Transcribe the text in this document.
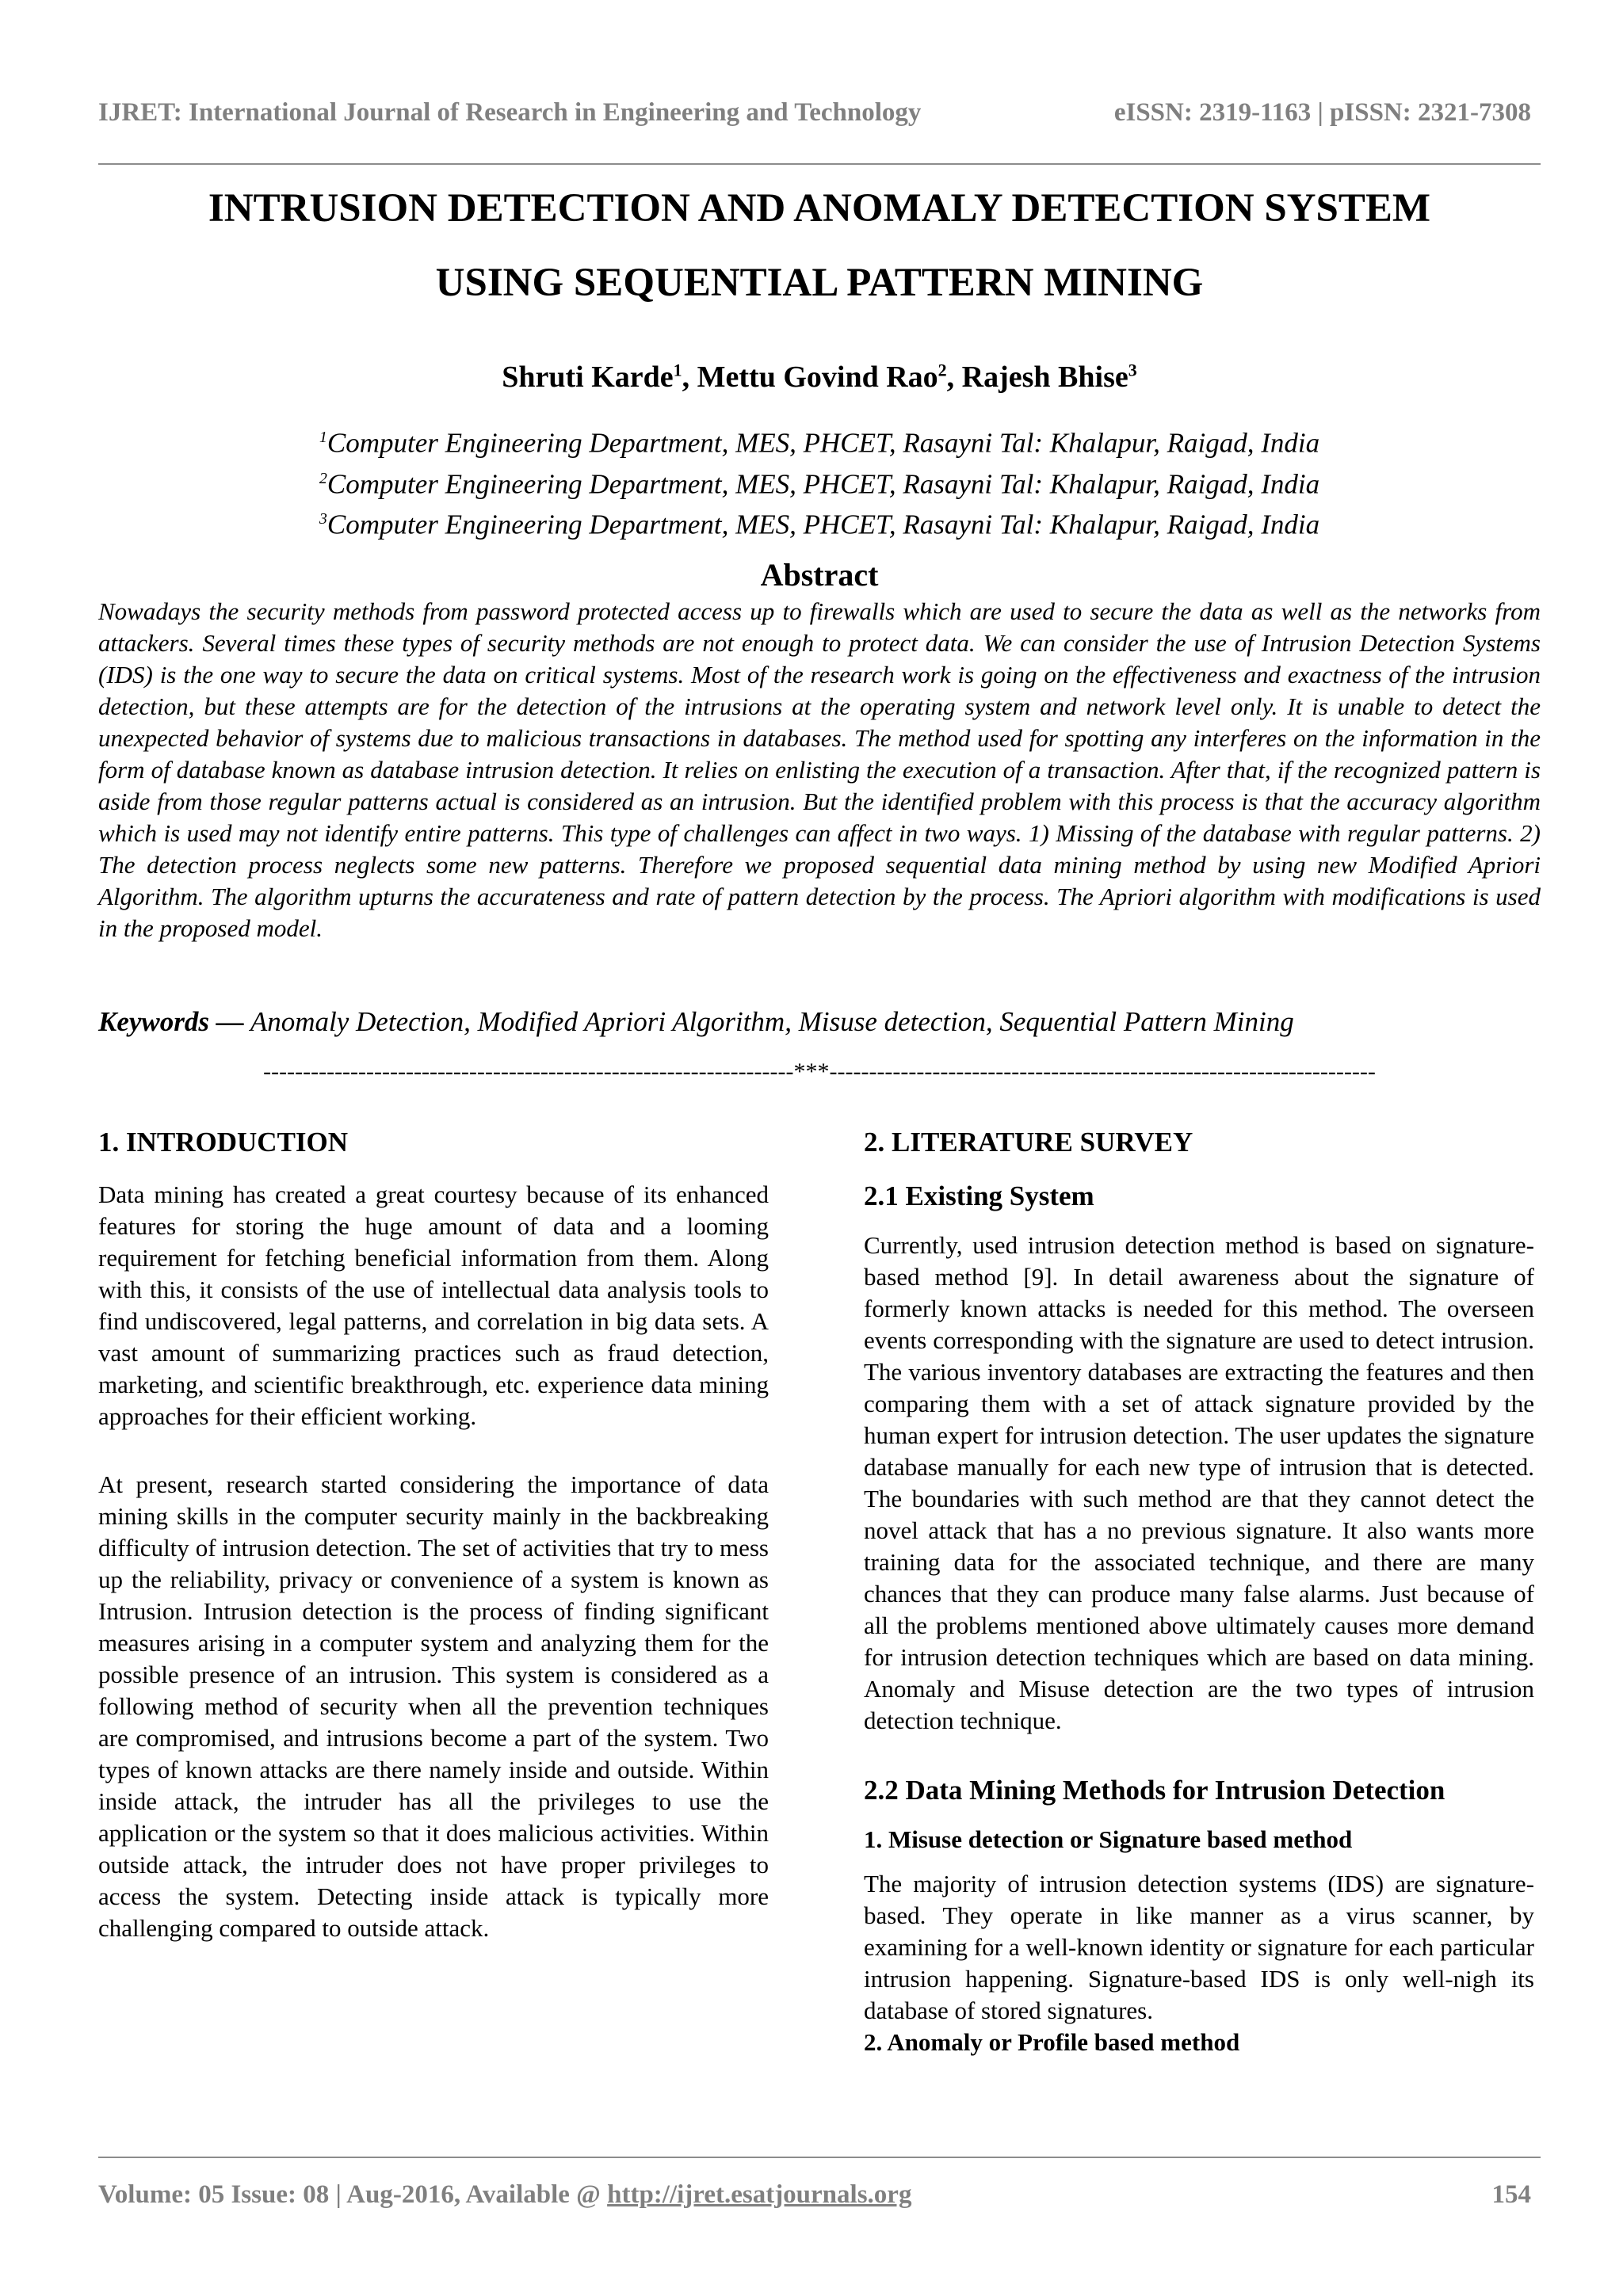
IJRET: International Journal of Research in Engineering and Technology	eISSN: 2319-1163 | pISSN: 2321-7308
INTRUSION DETECTION AND ANOMALY DETECTION SYSTEM
USING SEQUENTIAL PATTERN MINING
Shruti Karde$^1$, Mettu Govind Rao$^2$, Rajesh Bhise$^3$
$^1$Computer Engineering Department, MES, PHCET, Rasayni Tal: Khalapur, Raigad, India
$^2$Computer Engineering Department, MES, PHCET, Rasayni Tal: Khalapur, Raigad, India
$^3$Computer Engineering Department, MES, PHCET, Rasayni Tal: Khalapur, Raigad, India
Abstract
Nowadays the security methods from password protected access up to firewalls which are used to secure the data as well as the networks from attackers. Several times these types of security methods are not enough to protect data. We can consider the use of Intrusion Detection Systems (IDS) is the one way to secure the data on critical systems. Most of the research work is going on the effectiveness and exactness of the intrusion detection, but these attempts are for the detection of the intrusions at the operating system and network level only. It is unable to detect the unexpected behavior of systems due to malicious transactions in databases. The method used for spotting any interferes on the information in the form of database known as database intrusion detection. It relies on enlisting the execution of a transaction. After that, if the recognized pattern is aside from those regular patterns actual is considered as an intrusion. But the identified problem with this process is that the accuracy algorithm which is used may not identify entire patterns. This type of challenges can affect in two ways. 1) Missing of the database with regular patterns. 2) The detection process neglects some new patterns. Therefore we proposed sequential data mining method by using new Modified Apriori Algorithm. The algorithm upturns the accurateness and rate of pattern detection by the process. The Apriori algorithm with modifications is used in the proposed model.
Keywords — Anomaly Detection, Modified Apriori Algorithm, Misuse detection, Sequential Pattern Mining
-------------------------------------------------------------------***---------------------------------------------------------------------
1. INTRODUCTION

Data mining has created a great courtesy because of its enhanced features for storing the huge amount of data and a looming requirement for fetching beneficial information from them. Along with this, it consists of the use of intellectual data analysis tools to find undiscovered, legal patterns, and correlation in big data sets. A vast amount of summarizing practices such as fraud detection, marketing, and scientific breakthrough, etc. experience data mining approaches for their efficient working.

At present, research started considering the importance of data mining skills in the computer security mainly in the backbreaking difficulty of intrusion detection. The set of activities that try to mess up the reliability, privacy or convenience of a system is known as Intrusion. Intrusion detection is the process of finding significant measures arising in a computer system and analyzing them for the possible presence of an intrusion. This system is considered as a following method of security when all the prevention techniques are compromised, and intrusions become a part of the system. Two types of known attacks are there namely inside and outside. Within inside attack, the intruder has all the privileges to use the application or the system so that it does malicious activities. Within outside attack, the intruder does not have proper privileges to access the system. Detecting inside attack is typically more challenging compared to outside attack.

2. LITERATURE SURVEY
2.1 Existing System

Currently, used intrusion detection method is based on signature-based method [9]. In detail awareness about the signature of formerly known attacks is needed for this method. The overseen events corresponding with the signature are used to detect intrusion. The various inventory databases are extracting the features and then comparing them with a set of attack signature provided by the human expert for intrusion detection. The user updates the signature database manually for each new type of intrusion that is detected. The boundaries with such method are that they cannot detect the novel attack that has a no previous signature. It also wants more training data for the associated technique, and there are many chances that they can produce many false alarms. Just because of all the problems mentioned above ultimately causes more demand for intrusion detection techniques which are based on data mining. Anomaly and Misuse detection are the two types of intrusion detection technique.

2.2 Data Mining Methods for Intrusion Detection
1. Misuse detection or Signature based method

The majority of intrusion detection systems (IDS) are signature-based. They operate in like manner as a virus scanner, by examining for a well-known identity or signature for each particular intrusion happening. Signature-based IDS is only well-nigh its database of stored signatures.

2. Anomaly or Profile based method
Volume: 05 Issue: 08 | Aug-2016, Available @ http://ijret.esatjournals.org	154
